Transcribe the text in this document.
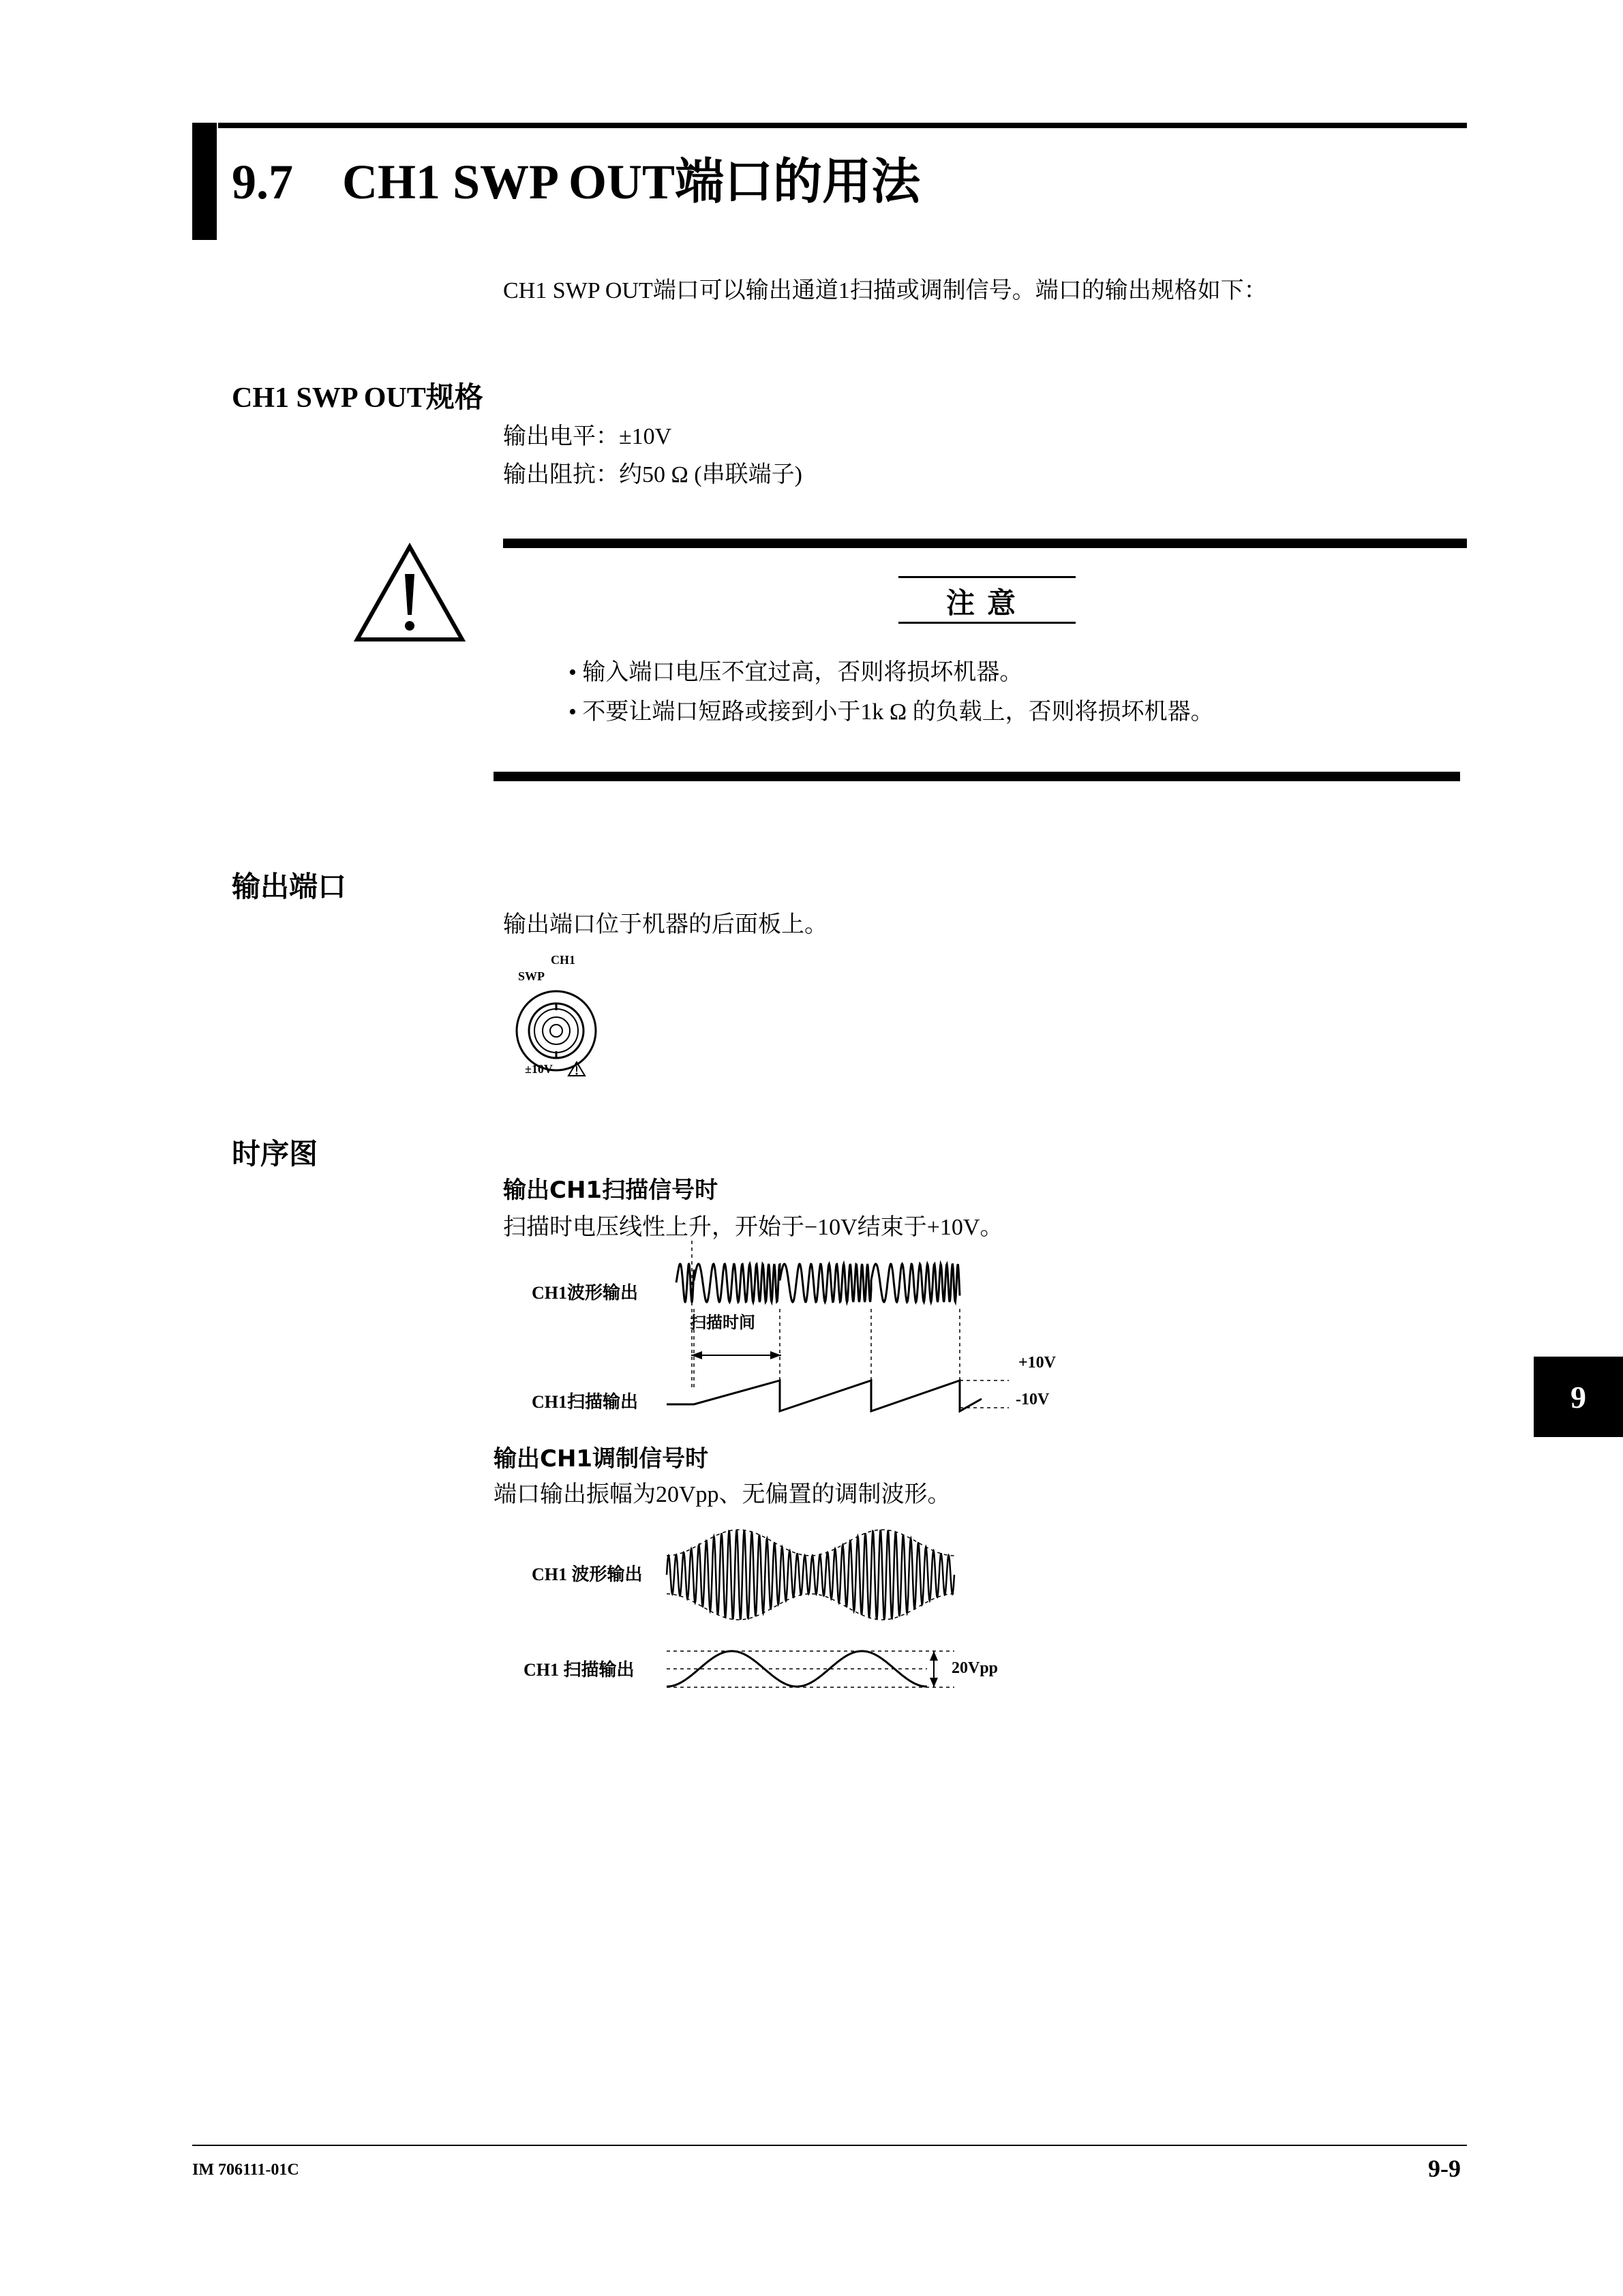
9.7　CH1 SWP OUT端口的用法
CH1 SWP OUT端口可以输出通道1扫描或调制信号。端口的输出规格如下：
CH1 SWP OUT规格
输出电平：±10V
输出阻抗：约50 Ω (串联端子)
注意
• 输入端口电压不宜过高，否则将损坏机器。
• 不要让端口短路或接到小于1k Ω 的负载上，否则将损坏机器。
输出端口
输出端口位于机器的后面板上。
CH1
SWP
±10V
时序图
输出CH1扫描信号时
扫描时电压线性上升，开始于−10V结束于+10V。
CH1波形输出
扫描时间
+10V
-10V
CH1扫描输出
输出CH1调制信号时
端口输出振幅为20Vpp、无偏置的调制波形。
CH1 波形输出
CH1 扫描输出	20Vpp
9
IM 706111-01C	9-9
